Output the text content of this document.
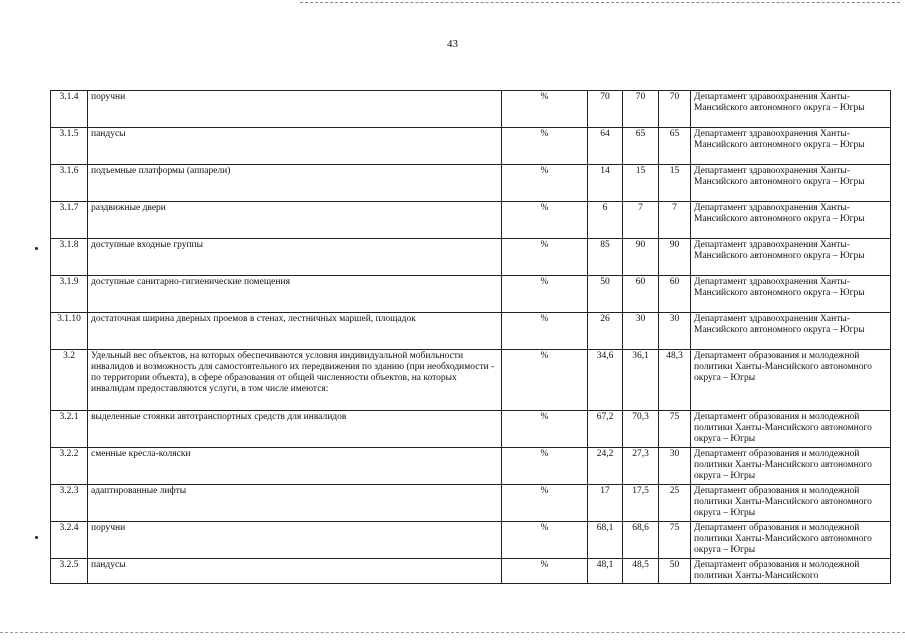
43
3.1.4	поручни	%	70	70	70	Департамент здравоохранения Ханты-Мансийского автономного округа – Югры
3.1.5	пандусы	%	64	65	65	Департамент здравоохранения Ханты-Мансийского автономного округа – Югры
3.1.6	подъемные платформы (аппарели)	%	14	15	15	Департамент здравоохранения Ханты-Мансийского автономного округа – Югры
3.1.7	раздвижные двери	%	6	7	7	Департамент здравоохранения Ханты-Мансийского автономного округа – Югры
3.1.8	доступные входные группы	%	85	90	90	Департамент здравоохранения Ханты-Мансийского автономного округа – Югры
3.1.9	доступные санитарно-гигиенические помещения	%	50	60	60	Департамент здравоохранения Ханты-Мансийского автономного округа – Югры
3.1.10	достаточная ширина дверных проемов в стенах, лестничных маршей, площадок	%	26	30	30	Департамент здравоохранения Ханты-Мансийского автономного округа – Югры
3.2	Удельный вес объектов, на которых обеспечиваются условия индивидуальной мобильности инвалидов и возможность для самостоятельного их передвижения по зданию (при необходимости - по территории объекта), в сфере образования от общей численности объектов, на которых инвалидам предоставляются услуги, в том числе имеются:	%	34,6	36,1	48,3	Департамент образования и молодежной политики Ханты-Мансийского автономного округа – Югры
3.2.1	выделенные стоянки автотранспортных средств для инвалидов	%	67,2	70,3	75	Департамент образования и молодежной политики Ханты-Мансийского автономного округа – Югры
3.2.2	сменные кресла-коляски	%	24,2	27,3	30	Департамент образования и молодежной политики Ханты-Мансийского автономного округа – Югры
3.2.3	адаптированные лифты	%	17	17,5	25	Департамент образования и молодежной политики Ханты-Мансийского автономного округа – Югры
3.2.4	поручни	%	68,1	68,6	75	Департамент образования и молодежной политики Ханты-Мансийского автономного округа – Югры
3.2.5	пандусы	%	48,1	48,5	50	Департамент образования и молодежной политики Ханты-Мансийского
